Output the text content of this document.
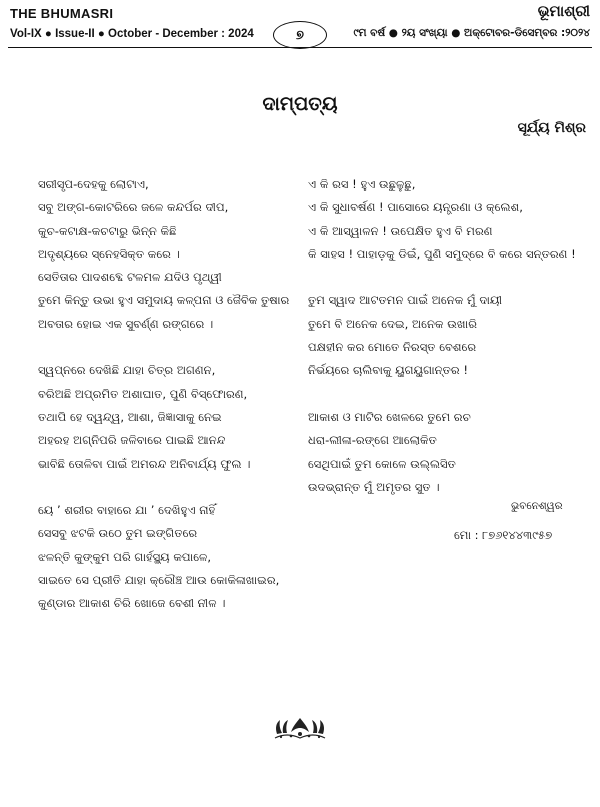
THE BHUMASRI
Vol-IX ● Issue-II ● October - December : 2024	୭
ଭୂମାଶ୍ରୀ
୯ମ ବର୍ଷ ● ୨ୟ ସଂଖ୍ୟା ● ଅକ୍ଟୋବର-ଡିସେମ୍ବର :୨୦୨୪
ଦାମ୍ପତ୍ୟ
ସୂର୍ଯ୍ୟ ମିଶ୍ର
ସରୀସୃପ-ଦେହକୁ ଲୋଟାଏ,
ସବୁ ଅଙ୍ଗ-କୋଟରିରେ ଜଳେ କନ୍ଦର୍ପର ଦୀପ,
କୁଚ-କଟାକ୍ଷ-କଚଟାରୁ ଭିନ୍ନ କିଛି
ଅଦୃଶ୍ୟରେ ସ୍ନେହସିକ୍ତ କରେ ।
ସେତିତାର ପାଦଶବ୍ଦେ ଟଳମଳ ଯଦିଓ ପୃଥ୍ୱୀ
ତୁମେ କିନ୍ତୁ ଉଭା ହୁଏ ସମୁଦାୟ କଳ୍ପନା ଓ ଜୈବିକ ତୁଷାର
ଅବତାର ହୋଇ ଏକ ସୁବର୍ଣ୍ଣ ରଙ୍ଗରେ ।
ସ୍ୱପ୍ନରେ ଦେଖିଛି ଯାହା ଚିତ୍ର ଅଗଣନ,
ବରିଅଛି ଅପ୍ରମିତ ଅଶାଘାତ, ପୁଣି ବିସ୍ଫୋରଣ,
ତଥାପି ହେ ଦ୍ୱନ୍ଦ୍ୱ, ଆଶା, ଜିଜ୍ଞାସାକୁ ନେଇ
ଅହରହ ଅଗ୍ନିପରି ଜଳିବାରେ ପାଇଛି ଆନନ୍ଦ
ଭାବିଛି ତୋଳିବା ପାଇଁ ଅମରନ୍ଦ ଅନିବାର୍ଯ୍ୟ ଫୁଲ ।
ୟେ ’ ଶରୀର ବାହାରେ ଯା ’ ଦେଖିହୁଏ ନାହିଁ
ସେସବୁ ଝଟକି ଉଠେ ତୁମ ଇଙ୍ଗିତରେ
ଝଳନ୍ତି କୁଙ୍କୁମ ପରି ଗାର୍ହସ୍ଥ୍ୟ କପାଳେ,
ସାଇତେ ସେ ପ୍ରୀତି ଯାହା କ୍ରୌଞ୍ଚ ଆଉ କୋକିଳାଖାଇର,
କୁଣ୍ଡାର ଆକାଶ ଚିରି ଖୋଜେ ବେଶୀ ନୀଳ ।
ଏ କି ରସ ! ହୁଏ ଉଛୁଳୁଛୁ,
ଏ କି ସୁଧାବର୍ଷଣ ! ପାସୋରେ ୟନ୍ତ୍ରଣା ଓ କ୍ଲେଶ,
ଏ କି ଆସ୍ୱାଳନ ! ଉପେକ୍ଷିତ ହୁଏ ବି ମରଣ
କି ସାହସ ! ପାହାଡ଼କୁ ଡିଇଁ, ପୁଣି ସମୁଦ୍ରେ ବି କରେ ସନ୍ତରଣ !
ତୁମ ସ୍ୱାଦ ଆଟତମନ ପାଇଁ ଅନେକ ମୁଁ ଦାୟୀ
ତୁମେ ବି ଅନେକ ଦେଇ, ଅନେକ ଉଖାରି
ପକ୍ଷହୀନ କର ମୋତେ ନିରସ୍ତ ବେଶରେ
ନିର୍ଭୟରେ ଚାଲିବାକୁ ୟୁଗୟୁଗାନ୍ତର !
ଆକାଶ ଓ ମାଟିର ଖେଳରେ ତୁମେ ରଚ
ଧରା-ଲୀଳା-ରଙ୍ଗେ ଆଲୋକିତ
ସେଥିପାଇଁ ତୁମ କୋଳେ ଉଲ୍ଲସିତ
ଉଦଭ୍ରାନ୍ତ ମୁଁ ଅମୃତର ସୁତ ।
ଭୁବନେଶ୍ୱର
ମୋ : ୮୭୬୧୪୪୩୯୫୭
